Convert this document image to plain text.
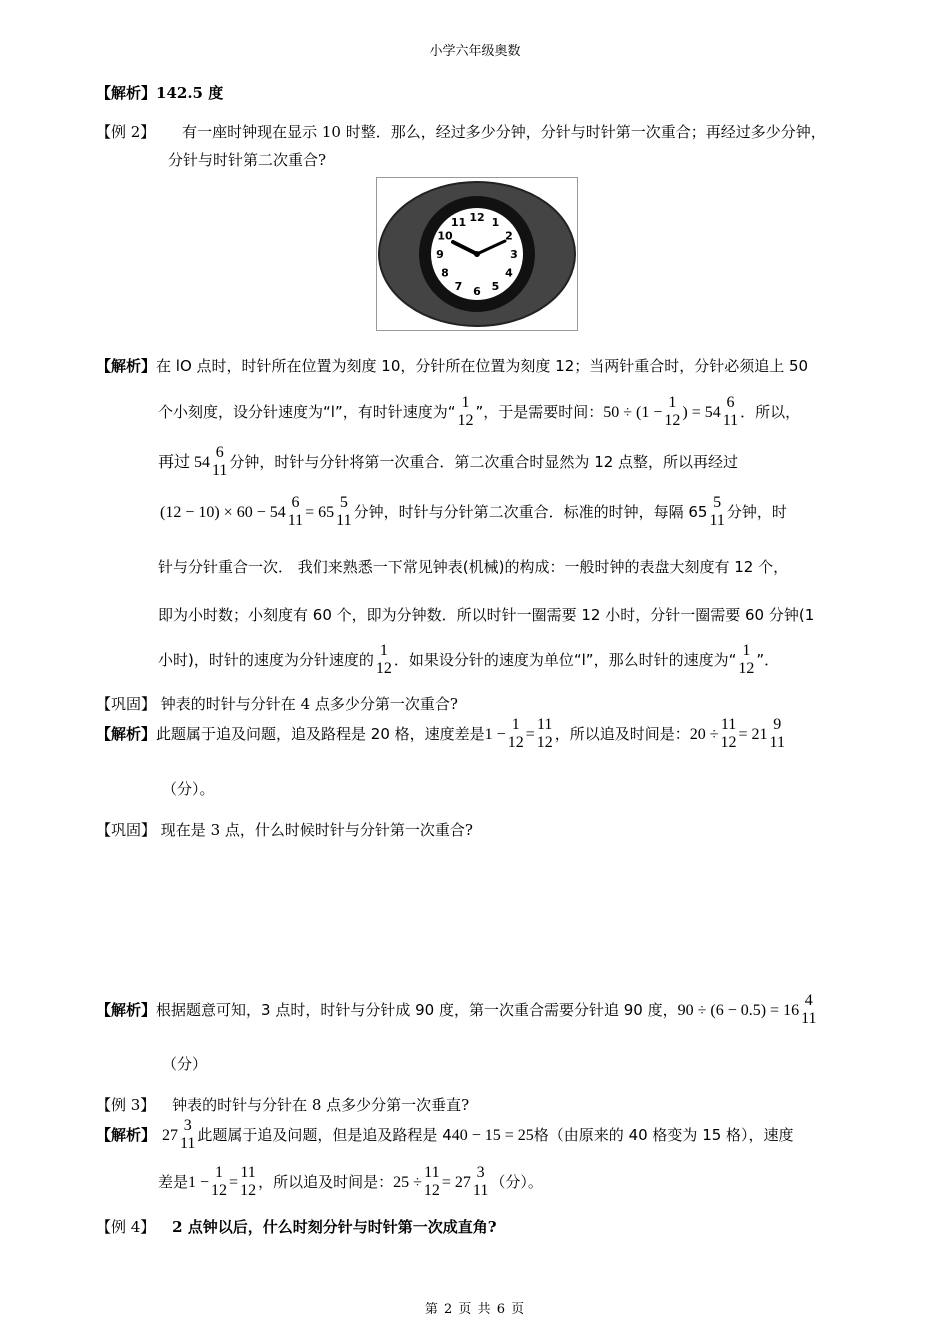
小学六年级奥数
【解析】142.5 度
【例 2】 有一座时钟现在显示 10 时整．那么，经过多少分钟，分针与时针第一次重合；再经过多少分钟，
分针与时针第二次重合?
12 1
2
3
4
5
6
7
8
9
10
11
【解析】在 lO 点时，时针所在位置为刻度 10，分针所在位置为刻度 12；当两针重合时，分针必须追上 50
个小刻度，设分针速度为“l”，有时针速度为“
1
12 ”，于是需要时间：50 ÷ (1 −
1
12 ) = 54
6
11 ．所以，
再过 54
6
11 分钟，时针与分针将第一次重合．第二次重合时显然为 12 点整，所以再经过
(12 − 10) × 60 − 54
6
11 = 65
5
11 分钟，时针与分针第二次重合．标准的时钟，每隔 65
5
11 分钟，时
针与分针重合一次． 我们来熟悉一下常见钟表(机械)的构成：一般时钟的表盘大刻度有 12 个，
即为小时数；小刻度有 60 个，即为分钟数．所以时针一圈需要 12 小时，分针一圈需要 60 分钟(1
小时)，时针的速度为分针速度的
1
12 ．如果设分针的速度为单位“l”，那么时针的速度为“
1
12 ”．
【巩固】 钟表的时针与分针在 4 点多少分第一次重合?
【解析】此题属于追及问题，追及路程是 20 格，速度差是1 −
1
12 =
11
12 ，所以追及时间是：20 ÷
11
12 = 21
9
11
（分）。
【巩固】 现在是 3 点，什么时候时针与分针第一次重合?
【解析】根据题意可知，3 点时，时针与分针成 90 度，第一次重合需要分针追 90 度，90 ÷ (6 − 0.5) = 16
4
11
（分）
【例 3】 钟表的时针与分针在 8 点多少分第一次垂直?
【解析】 27
3
11 此题属于追及问题，但是追及路程是 440 − 15 = 25格（由原来的 40 格变为 15 格），速度
差是1 −
1
12 =
11
12 ，所以追及时间是：25 ÷
11
12 = 27
3
11 （分）。
【例 4】 2 点钟以后，什么时刻分针与时针第一次成直角?
第 2 页 共 6 页
